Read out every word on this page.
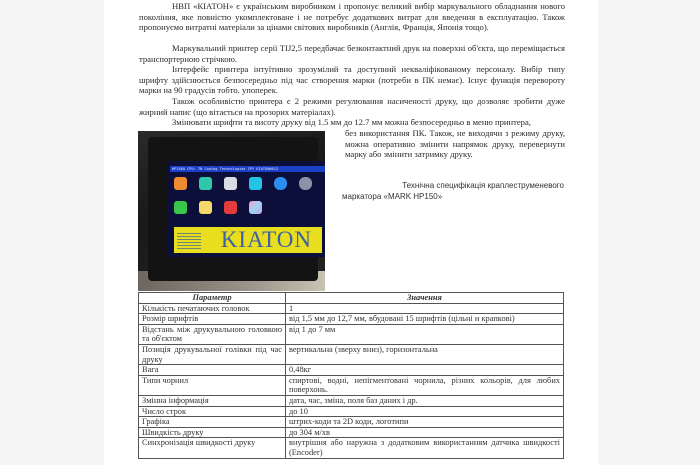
НВП «КІАТОН» є українським виробником і пропонує великий вибір маркувального обладнання нового покоління, яке повністю укомплектоване і не потребує додаткових витрат для введення в експлуатацію. Також пропонуємо витратні матеріали за цінами світових виробників (Англія, Франція, Японія тощо).

Маркувальний принтер серії TIJ2,5 передбачає безконтактний друк на поверхні об'єкта, що переміщається транспортерною стрічкою.

Інтерфейс принтера інтуїтивно зрозумілий та доступний некваліфікованому персоналу. Вибір типу шрифту здійснюється безпосередньо під час створення марки (потреби в ПК немає). Існує функція перевороту марки на 90 градусів тобто. упоперек.

Також особливістю принтера є 2 режими регулювання насиченості друку, що дозволяє зробити дуже жирний напис (що вітається на прозорих матеріалах).

Змінювати шрифти та висоту друку від 1.5 мм до 12.7 мм можна безпосередньо в меню принтера,

без використання ПК. Також, не виходячи з режиму друку, можна оперативно змінити напрямок друку, перевернути марку або змінити затримку друку.

HP150A CPU: TN Coding Technologies CPY KIATON0612
KIATON
Технічна специфікація краплеструменевого
маркатора «MARK HP150»
Параметр	Значення
Кількість печатаючих головок	1
Розмір шрифтів	від 1,5 мм до 12,7 мм, вбудовані 15 шрифтів (цільні и крапкові)
Відстань між друкувальною головкою та об'єктом	від 1 до 7 мм
Позиція друкувальної голівки під час друку	вертикальна (зверху вниз), горизонтальна
Вага	0,48кг
Типи чорнил	спиртові, водні, непігментовані чорнила, різних кольорів, для любих поверхонь.
Змінна інформація	дата, час, зміна, поля баз даних і др.
Число строк	до 10
Графіка	штрих-коди та 2D коди, логотипи
Швидкість друку	до 304 м/хв
Синхронізація швидкості друку	внутрішня або наружна з додатковим використанням датчика швидкості (Encoder)
